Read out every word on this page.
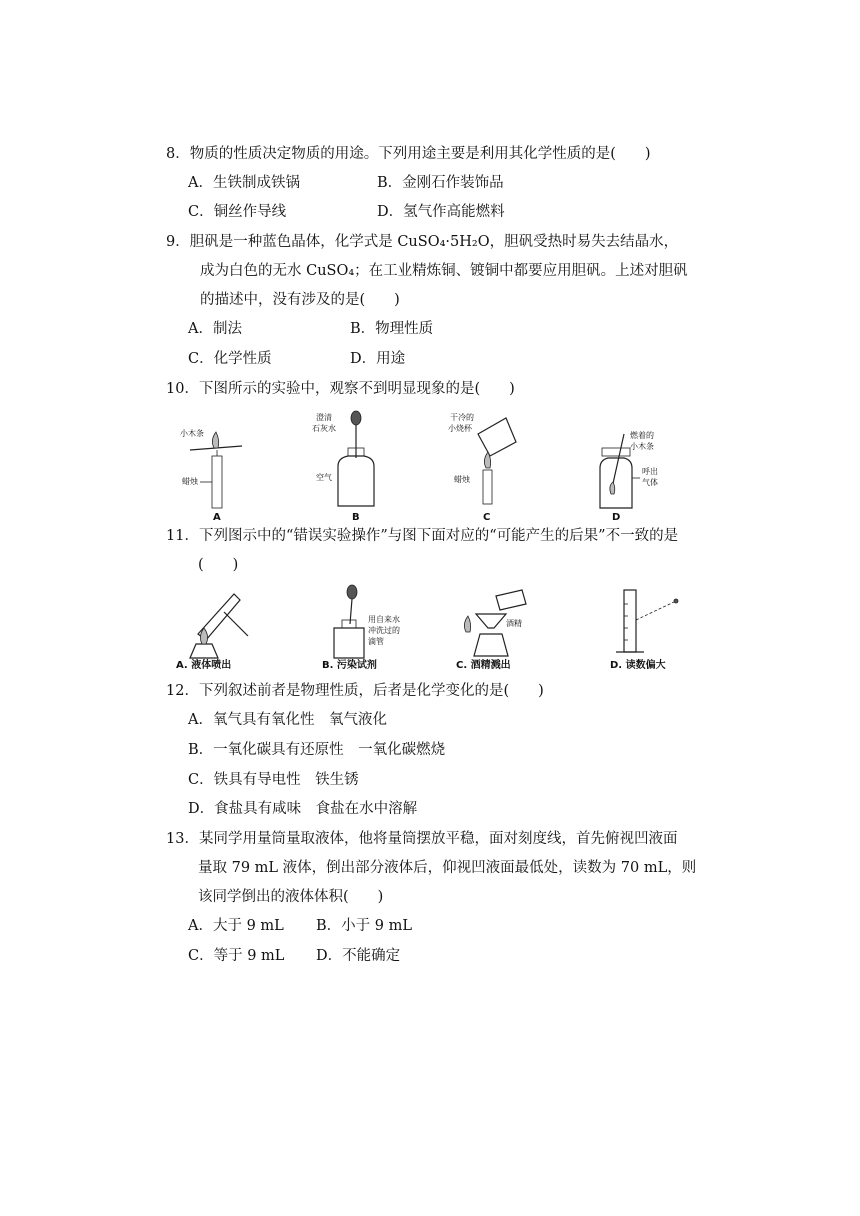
8．物质的性质决定物质的用途。下列用途主要是利用其化学性质的是(　　)
A．生铁制成铁锅	B．金刚石作装饰品
C．铜丝作导线	D．氢气作高能燃料
9．胆矾是一种蓝色晶体，化学式是 CuSO₄·5H₂O，胆矾受热时易失去结晶水，
成为白色的无水 CuSO₄；在工业精炼铜、镀铜中都要应用胆矾。上述对胆矾
的描述中，没有涉及的是(　　)
A．制法	B．物理性质
C．化学性质	D．用途
10．下图所示的实验中，观察不到明显现象的是(　　)
小木条
蜡烛
A
澄清
石灰水
空气
B
干冷的
小烧杯
蜡烛
C
燃着的
小木条
呼出
气体
D
11．下列图示中的“错误实验操作”与图下面对应的“可能产生的后果”不一致的是
(　　)
A. 液体喷出
用自来水
冲洗过的
滴管
B. 污染试剂
酒精
C. 酒精溅出	D. 读数偏大
12．下列叙述前者是物理性质，后者是化学变化的是(　　)
A．氧气具有氧化性　氧气液化
B．一氧化碳具有还原性　一氧化碳燃烧
C．铁具有导电性　铁生锈
D．食盐具有咸味　食盐在水中溶解
13．某同学用量筒量取液体，他将量筒摆放平稳，面对刻度线，首先俯视凹液面
量取 79 mL 液体，倒出部分液体后，仰视凹液面最低处，读数为 70 mL，则
该同学倒出的液体体积(　　)
A．大于 9 mL B．小于 9 mL
C．等于 9 mL D．不能确定
